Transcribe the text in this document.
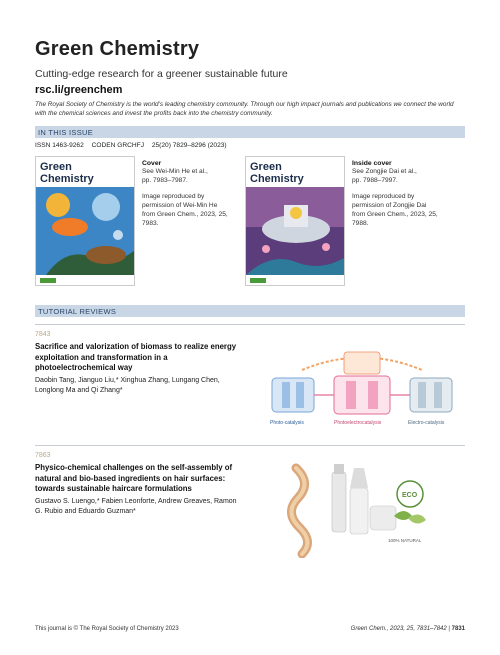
Green Chemistry
Cutting-edge research for a greener sustainable future
rsc.li/greenchem
The Royal Society of Chemistry is the world’s leading chemistry community. Through our high impact journals and publications we connect the world with the chemical sciences and invest the profits back into the chemistry community.
IN THIS ISSUE
ISSN 1463-9262 CODEN GRCHFJ 25(20) 7829–8296 (2023)
Green
Chemistry
Cover
See Wei-Min He et al.,
pp. 7983–7987.
Image reproduced by
permission of Wei-Min He
from Green Chem., 2023, 25,
7983.
Green
Chemistry
Inside cover
See Zongjie Dai et al.,
pp. 7988–7997.
Image reproduced by
permission of Zongjie Dai
from Green Chem., 2023, 25,
7988.
TUTORIAL REVIEWS
7843
Sacrifice and valorization of biomass to realize energy exploitation and transformation in a photoelectrochemical way
Daobin Tang, Jianguo Liu,* Xinghua Zhang, Lungang Chen, Longlong Ma and Qi Zhang*
Photo-catalysis	Photoelectrocatalysis	Electro-catalysis
7863
Physico-chemical challenges on the self-assembly of natural and bio-based ingredients on hair surfaces: towards sustainable haircare formulations
Gustavo S. Luengo,* Fabien Leonforte, Andrew Greaves, Ramon G. Rubio and Eduardo Guzman*
ECO
100% NATURAL
This journal is © The Royal Society of Chemistry 2023	Green Chem., 2023, 25, 7831–7842 | 7831
